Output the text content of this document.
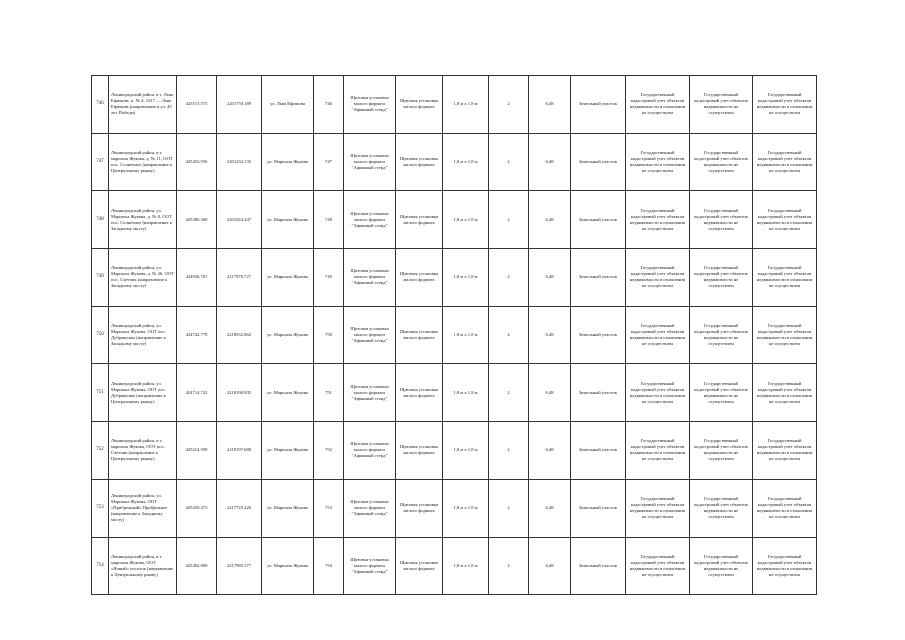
746	Ленинградский район, в т. Льва Ефимова, п. № 4, 1017 — Льва Ефимова (направление к ул. 45 лет Победы)	425513.575	2201750.189	ул. Льва Ефимова	746	Щитовая установка малого формата "Афишный стенд"	Щитовая установка малого формата	1,8 м х 1,8 м	2	6,48	Земельный участок	Государственный кадастровый учет объектов недвижимости в отношении не осуществлен	Государственный кадастровый учет объектов недвижимости не осуществлен	Государственный кадастровый учет объектов недвижимости в отношении не осуществлен
747	Ленинградский район, в т. маршала Жукова, д. № 11, ООТ пос. Солнечное (направление к Центральному рынку)	425453.556	2201232.135	ул. Маршала Жукова	747	Щитовая установка малого формата "Афишный стенд"	Щитовая установка малого формата	1,8 м х 1,8 м	2	6,48	Земельный участок	Государственный кадастровый учет объектов недвижимости в отношении не осуществлен	Государственный кадастровый учет объектов недвижимости не осуществлен	Государственный кадастровый учет объектов недвижимости в отношении не осуществлен
748	Ленинградский район, ул. Маршала Жукова, д. № 8, ООТ пос. Солнечное (направление к Западному мосту)	425386.369	2201024.247	ул. Маршала Жукова	748	Щитовая установка малого формата "Афишный стенд"	Щитовая установка малого формата	1,8 м х 1,8 м	2	6,48	Земельный участок	Государственный кадастровый учет объектов недвижимости в отношении не осуществлен	Государственный кадастровый учет объектов недвижимости не осуществлен	Государственный кадастровый учет объектов недвижимости в отношении не осуществлен
749	Ленинградский район, ул. Маршала Жукова, д. № 26, ООТ пос. Счётчик (направление к Западному мосту)	424936.701	2217970.727	ул. Маршала Жукова	749	Щитовая установка малого формата "Афишный стенд"	Щитовая установка малого формата	1,8 м х 1,8 м	2	6,48	Земельный участок	Государственный кадастровый учет объектов недвижимости в отношении не осуществлен	Государственный кадастровый учет объектов недвижимости не осуществлен	Государственный кадастровый учет объектов недвижимости в отношении не осуществлен
750	Ленинградский район, ул. Маршала Жукова, ООТ пос. Дубравушка (направление к Западному мосту)	424742.778	2218932.862	ул. Маршала Жукова	750	Щитовая установка малого формата "Афишный стенд"	Щитовая установка малого формата	1,8 м х 1,8 м	2	6,48	Земельный участок	Государственный кадастровый учет объектов недвижимости в отношении не осуществлен	Государственный кадастровый учет объектов недвижимости не осуществлен	Государственный кадастровый учет объектов недвижимости в отношении не осуществлен
751	Ленинградский район, ул. Маршала Жукова, ООТ пос. Дубравушка (направление к Центральному рынку)	424714.722	2218190.835	ул. Маршала Жукова	751	Щитовая установка малого формата "Афишный стенд"	Щитовая установка малого формата	1,8 м х 1,8 м	2	6,48	Земельный участок	Государственный кадастровый учет объектов недвижимости в отношении не осуществлен	Государственный кадастровый учет объектов недвижимости не осуществлен	Государственный кадастровый учет объектов недвижимости в отношении не осуществлен
752	Ленинградский район, в т. маршала Жукова, ООТ пос. Счётчик (направление к Центральному рынку)	425214.599	2218197.680	ул. Маршала Жукова	752	Щитовая установка малого формата "Афишный стенд"	Щитовая установка малого формата	1,8 м х 1,8 м	2	6,48	Земельный участок	Государственный кадастровый учет объектов недвижимости в отношении не осуществлен	Государственный кадастровый учет объектов недвижимости не осуществлен	Государственный кадастровый учет объектов недвижимости в отношении не осуществлен
753	Ленинградский район, ул. Маршала Жукова, ООТ «Прибрежный» Прибрежное (направление к Западному мосту)	425250.473	2217725.226	ул. Маршала Жукова	753	Щитовая установка малого формата "Афишный стенд"	Щитовая установка малого формата	1,8 м х 1,8 м	2	6,48	Земельный участок	Государственный кадастровый учет объектов недвижимости в отношении не осуществлен	Государственный кадастровый учет объектов недвижимости не осуществлен	Государственный кадастровый учет объектов недвижимости в отношении не осуществлен
754	Ленинградский район, в т. маршала Жукова, ООТ «Новый» поселок (направление к Центральному рынку)	425492.900	2217985.577	ул. Маршала Жукова	754	Щитовая установка малого формата "Афишный стенд"	Щитовая установка малого формата	1,8 м х 1,8 м	2	6,48	Земельный участок	Государственный кадастровый учет объектов недвижимости в отношении не осуществлен	Государственный кадастровый учет объектов недвижимости не осуществлен	Государственный кадастровый учет объектов недвижимости в отношении не осуществлен
